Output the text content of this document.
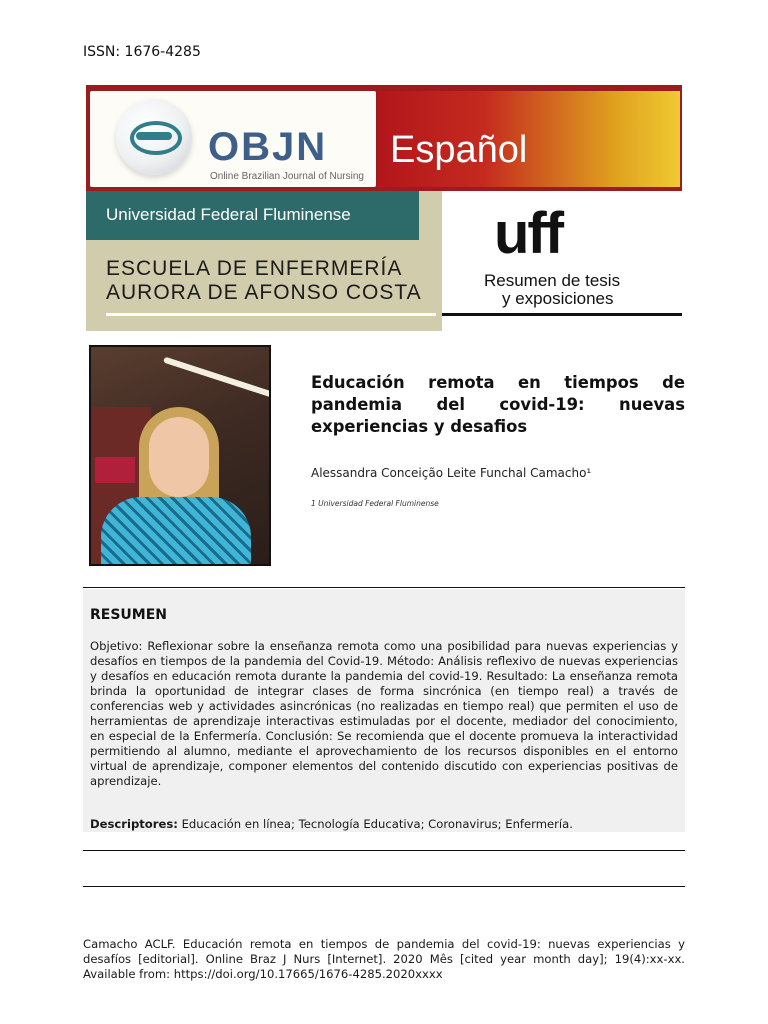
ISSN: 1676-4285
OBJN
Online Brazilian Journal of Nursing
Español
Universidad Federal Fluminense
ESCUELA DE ENFERMERÍA
AURORA DE AFONSO COSTA
uff
Resumen de tesis
y exposiciones
Educación remota en tiempos de pandemia del covid-19: nuevas experiencias y desafios
Alessandra Conceição Leite Funchal Camacho¹
1 Universidad Federal Fluminense
RESUMEN
Objetivo: Reflexionar sobre la enseñanza remota como una posibilidad para nuevas experiencias y desafíos en tiempos de la pandemia del Covid-19. Método: Análisis reflexivo de nuevas experiencias y desafíos en educación remota durante la pandemia del covid-19. Resultado: La enseñanza remota brinda la oportunidad de integrar clases de forma sincrónica (en tiempo real) a través de conferencias web y actividades asincrónicas (no realizadas en tiempo real) que permiten el uso de herramientas de aprendizaje interactivas estimuladas por el docente, mediador del conocimiento, en especial de la Enfermería. Conclusión: Se recomienda que el docente promueva la interactividad permitiendo al alumno, mediante el aprovechamiento de los recursos disponibles en el entorno virtual de aprendizaje, componer elementos del contenido discutido con experiencias positivas de aprendizaje.
Descriptores: Educación en línea; Tecnología Educativa; Coronavirus; Enfermería.
Camacho ACLF. Educación remota en tiempos de pandemia del covid-19: nuevas experiencias y desafíos [editorial]. Online Braz J Nurs [Internet]. 2020 Mês [cited year month day]; 19(4):xx-xx. Available from: https://doi.org/10.17665/1676-4285.2020xxxx
